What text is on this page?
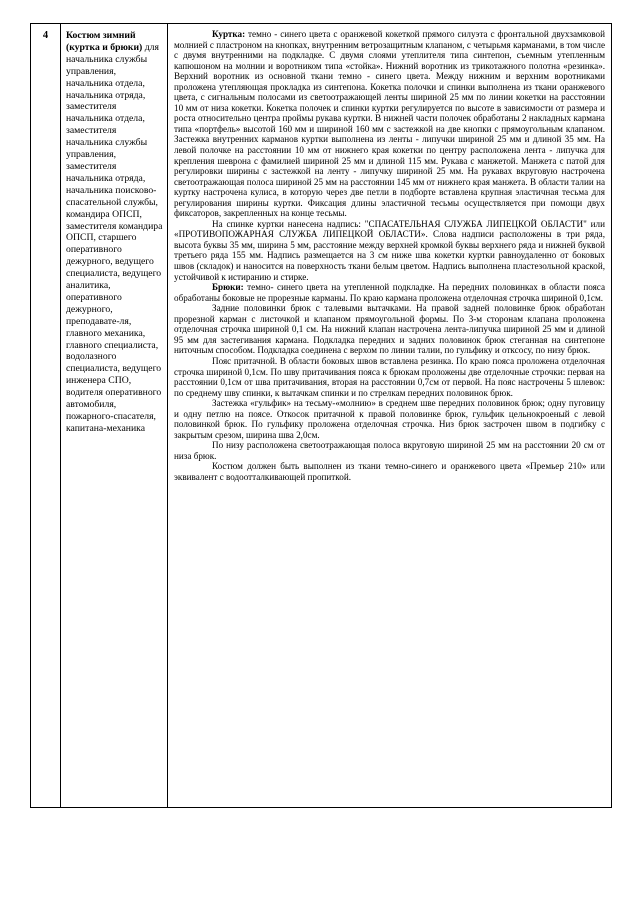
4	Костюм зимний (куртка и брюки) для начальника службы управления, начальника отдела, начальника отряда, заместителя начальника отдела, заместителя начальника службы управления, заместителя начальника отряда, начальника поисково-спасательной службы, командира ОПСП, заместителя командира ОПСП, старшего оперативного дежурного, ведущего специалиста, ведущего аналитика, оперативного дежурного, преподавате-ля, главного механика, главного специалиста, водолазного специалиста, ведущего инженера СПО, водителя оперативного автомобиля, пожарного-спасателя, капитана-механика

Куртка: темно - синего цвета с оранжевой кокеткой прямого силуэта с фронтальной двухзамковой молнией с пластроном на кнопках, внутренним ветрозащитным клапаном, с четырьмя карманами, в том числе с двумя внутренними на подкладке. С двумя слоями утеплителя типа синтепон, съемным утепленным капюшоном на молнии и воротником типа «стойка». Нижний воротник из трикотажного полотна «резинка». Верхний воротник из основной ткани темно - синего цвета. Между нижним и верхним воротниками проложена утепляющая прокладка из синтепона. Кокетка полочки и спинки выполнена из ткани оранжевого цвета, с сигнальным полосами из светоотражающей ленты шириной 25 мм по линии кокетки на расстоянии 10 мм от низа кокетки. Кокетка полочек и спинки куртки регулируется по высоте в зависимости от размера и роста относительно центра проймы рукава куртки. В нижней части полочек обработаны 2 накладных кармана типа «портфель» высотой 160 мм и шириной 160 мм с застежкой на две кнопки с прямоугольным клапаном. Застежка внутренних карманов куртки выполнена из ленты - липучки шириной 25 мм и длиной 35 мм. На левой полочке на расстоянии 10 мм от нижнего края кокетки по центру расположена лента - липучка для крепления шеврона с фамилией шириной 25 мм и длиной 115 мм. Рукава с манжетой. Манжета с патой для регулировки ширины с застежкой на ленту - липучку шириной 25 мм. На рукавах вкруговую настрочена светоотражающая полоса шириной 25 мм на расстоянии 145 мм от нижнего края манжета. В области талии на куртку настрочена кулиса, в которую через две петли в подборте вставлена крупная эластичная тесьма для регулирования ширины куртки. Фиксация длины эластичной тесьмы осуществляется при помощи двух фиксаторов, закрепленных на конце тесьмы.

На спинке куртки нанесена надпись: "СПАСАТЕЛЬНАЯ СЛУЖБА ЛИПЕЦКОЙ ОБЛАСТИ" или «ПРОТИВОПОЖАРНАЯ СЛУЖБА ЛИПЕЦКОЙ ОБЛАСТИ». Слова надписи расположены в три ряда, высота буквы 35 мм, ширина 5 мм, расстояние между верхней кромкой буквы верхнего ряда и нижней буквой третьего ряда 155 мм. Надпись размещается на 3 см ниже шва кокетки куртки равноудаленно от боковых швов (складок) и наносится на поверхность ткани белым цветом. Надпись выполнена пластезольной краской, устойчивой к истиранию и стирке.

Брюки: темно- синего цвета на утепленной подкладке. На передних половинках в области пояса обработаны боковые не прорезные карманы. По краю кармана проложена отделочная строчка шириной 0,1см.

Задние половинки брюк с талевыми вытачками. На правой задней половинке брюк обработан прорезной карман с листочкой и клапаном прямоугольной формы. По 3-м сторонам клапана проложена отделочная строчка шириной 0,1 см. На нижний клапан настрочена лента-липучка шириной 25 мм и длиной 95 мм для застегивания кармана. Подкладка передних и задних половинок брюк стеганная на синтепоне ниточным способом. Подкладка соединена с верхом по линии талии, по гульфику и отксосу, по низу брюк.

Пояс притачной. В области боковых швов вставлена резинка. По краю пояса проложена отделочная строчка шириной 0,1см. По шву притачивания пояса к брюкам проложены две отделочные строчки: первая на расстоянии 0,1см от шва притачивания, вторая на расстоянии 0,7см от первой. На пояс настрочены 5 шлевок: по среднему шву спинки, к вытачкам спинки и по стрелкам передних половинок брюк.

Застежка «гульфик» на тесьму-«молнию» в среднем шве передних половинок брюк; одну пуговицу и одну петлю на поясе. Откосок притачной к правой половинке брюк, гульфик цельнокроеный с левой половинкой брюк. По гульфику проложена отделочная строчка. Низ брюк застрочен швом в подгибку с закрытым срезом, ширина шва 2,0см.

По низу расположена светоотражающая полоса вкруговую шириной 25 мм на расстоянии 20 см от низа брюк.

Костюм должен быть выполнен из ткани темно-синего и оранжевого цвета «Премьер 210» или эквивалент с водоотталкивающей пропиткой.
